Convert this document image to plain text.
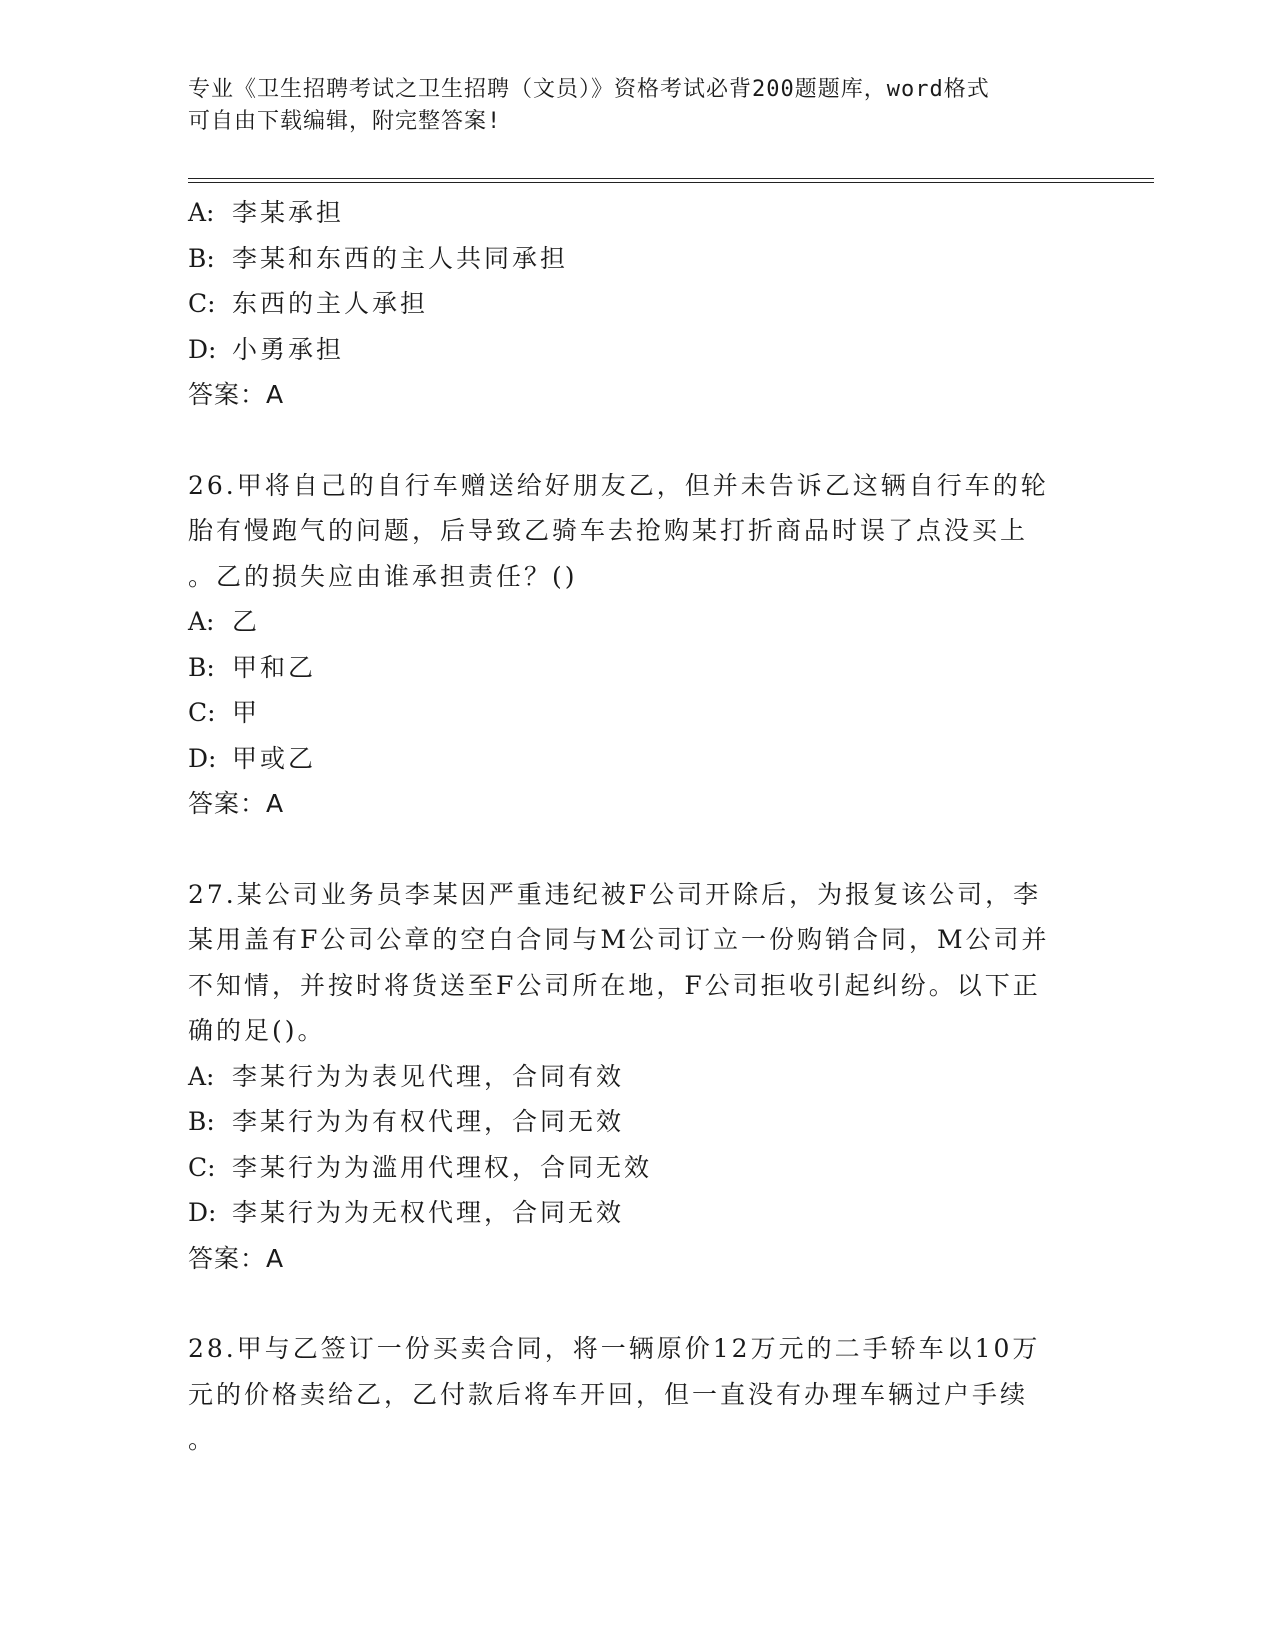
专业《卫生招聘考试之卫生招聘（文员）》资格考试必背200题题库，word格式
可自由下载编辑，附完整答案!
A: 李某承担
B: 李某和东西的主人共同承担
C: 东西的主人承担
D: 小勇承担
答案：A
26.甲将自己的自行车赠送给好朋友乙，但并未告诉乙这辆自行车的轮
胎有慢跑气的问题，后导致乙骑车去抢购某打折商品时误了点没买上
。乙的损失应由谁承担责任？()
A: 乙
B: 甲和乙
C: 甲
D: 甲或乙
答案：A
27.某公司业务员李某因严重违纪被F公司开除后，为报复该公司，李
某用盖有F公司公章的空白合同与M公司订立一份购销合同，M公司并
不知情，并按时将货送至F公司所在地，F公司拒收引起纠纷。以下正
确的足()。
A: 李某行为为表见代理，合同有效
B: 李某行为为有权代理，合同无效
C: 李某行为为滥用代理权，合同无效
D: 李某行为为无权代理，合同无效
答案：A
28.甲与乙签订一份买卖合同，将一辆原价12万元的二手轿车以10万
元的价格卖给乙，乙付款后将车开回，但一直没有办理车辆过户手续
。
